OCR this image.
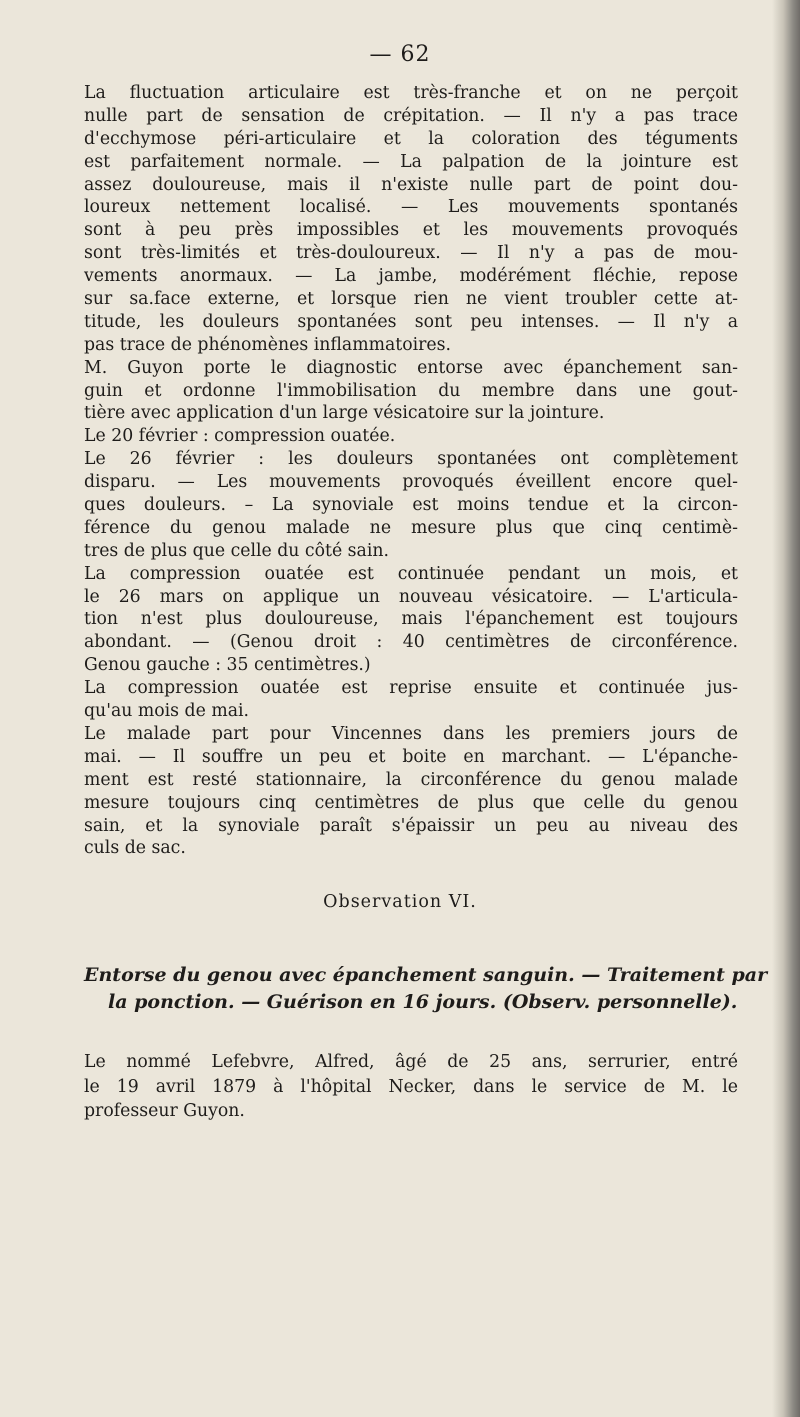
— 62
La fluctuation articulaire est très-franche et on ne perçoit
nulle part de sensation de crépitation. — Il n'y a pas trace
d'ecchymose péri-articulaire et la coloration des téguments
est parfaitement normale. — La palpation de la jointure est
assez douloureuse, mais il n'existe nulle part de point dou-
loureux nettement localisé. — Les mouvements spontanés
sont à peu près impossibles et les mouvements provoqués
sont très-limités et très-douloureux. — Il n'y a pas de mou-
vements anormaux. — La jambe, modérément fléchie, repose
sur sa.face externe, et lorsque rien ne vient troubler cette at-
titude, les douleurs spontanées sont peu intenses. — Il n'y a
pas trace de phénomènes inflammatoires.
M. Guyon porte le diagnostic entorse avec épanchement san-
guin et ordonne l'immobilisation du membre dans une gout-
tière avec application d'un large vésicatoire sur la jointure.
Le 20 février : compression ouatée.
Le 26 février : les douleurs spontanées ont complètement
disparu. — Les mouvements provoqués éveillent encore quel-
ques douleurs. – La synoviale est moins tendue et la circon-
férence du genou malade ne mesure plus que cinq centimè-
tres de plus que celle du côté sain.
La compression ouatée est continuée pendant un mois, et
le 26 mars on applique un nouveau vésicatoire. — L'articula-
tion n'est plus douloureuse, mais l'épanchement est toujours
abondant. — (Genou droit : 40 centimètres de circonférence.
Genou gauche : 35 centimètres.)
La compression ouatée est reprise ensuite et continuée jus-
qu'au mois de mai.
Le malade part pour Vincennes dans les premiers jours de
mai. — Il souffre un peu et boite en marchant. — L'épanche-
ment est resté stationnaire, la circonférence du genou malade
mesure toujours cinq centimètres de plus que celle du genou
sain, et la synoviale paraît s'épaissir un peu au niveau des
culs de sac.
Observation VI.
Entorse du genou avec épanchement sanguin. — Traitement par
la ponction. — Guérison en 16 jours. (Observ. personnelle).
Le nommé Lefebvre, Alfred, âgé de 25 ans, serrurier, entré
le 19 avril 1879 à l'hôpital Necker, dans le service de M. le
professeur Guyon.
